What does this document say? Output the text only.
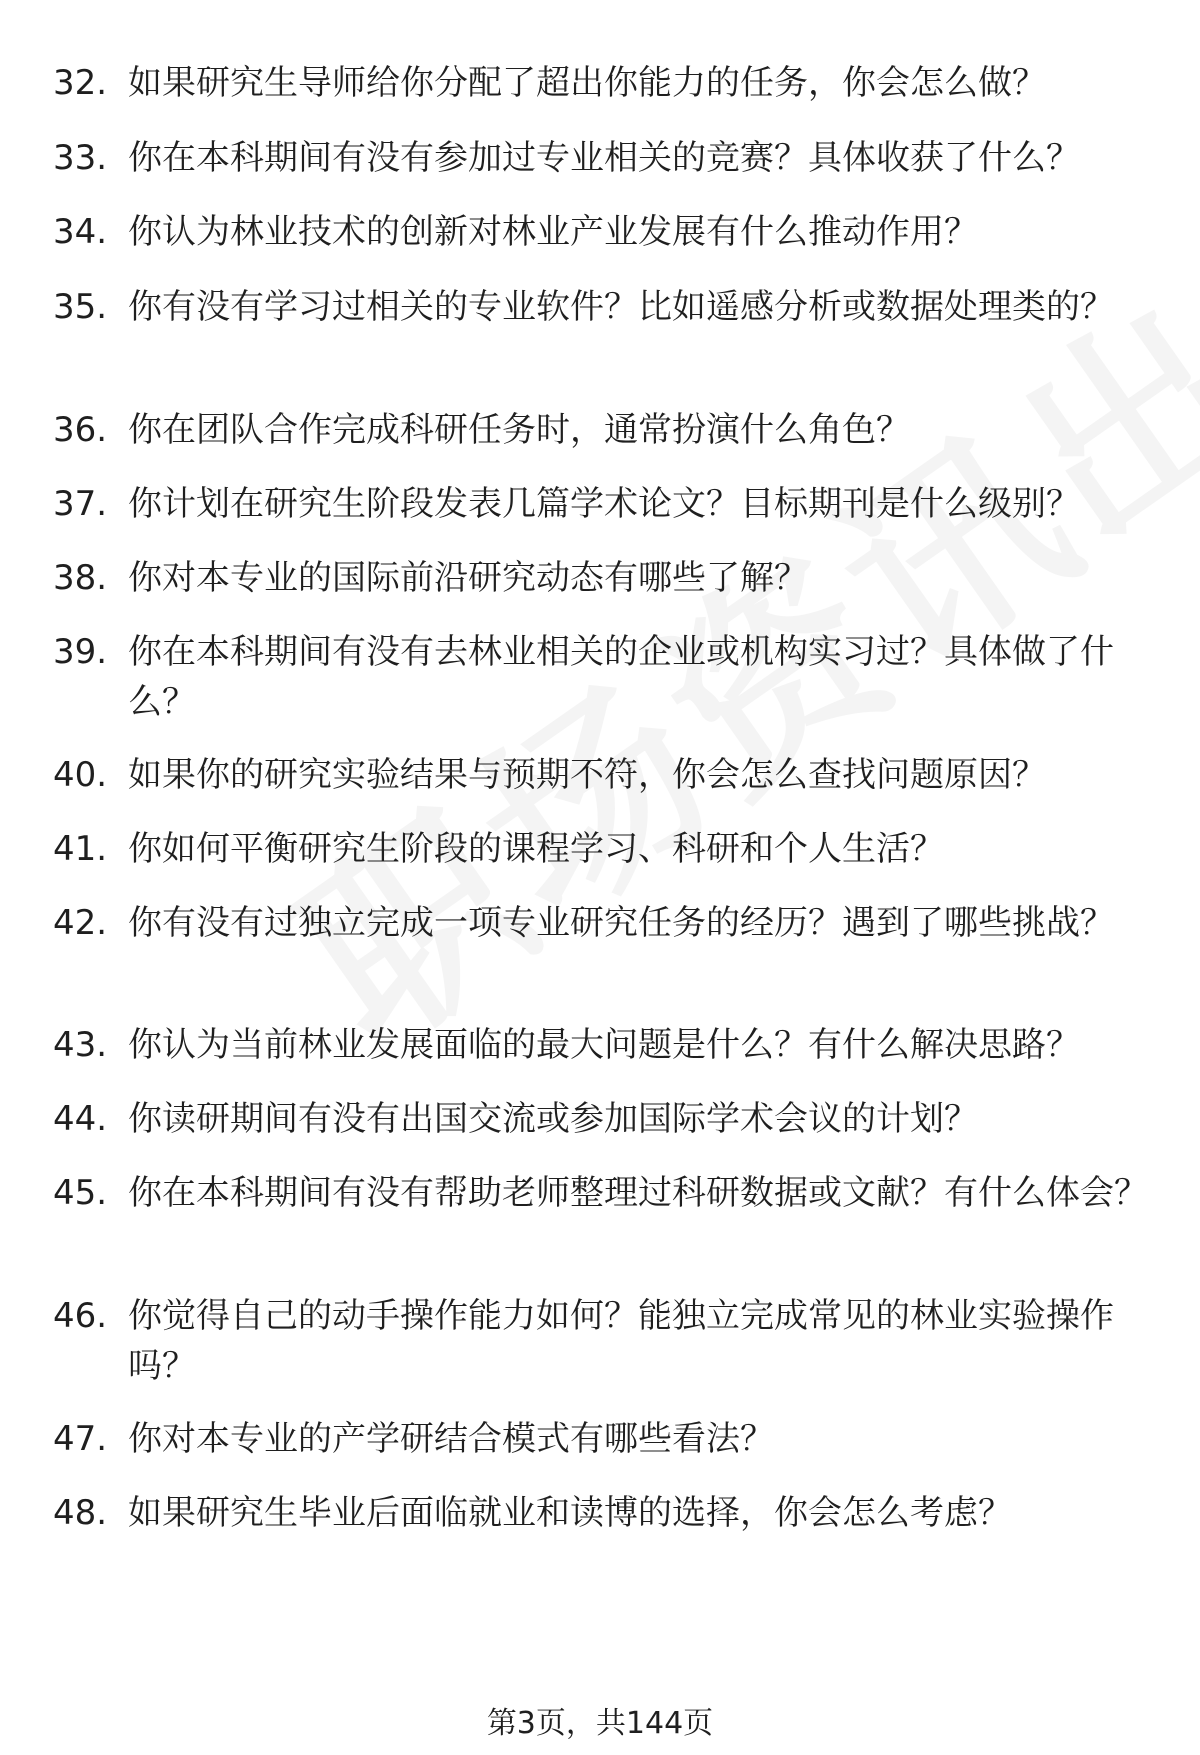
32. 如果研究生导师给你分配了超出你能力的任务，你会怎么做？
33. 你在本科期间有没有参加过专业相关的竞赛？具体收获了什么？
34. 你认为林业技术的创新对林业产业发展有什么推动作用？
35. 你有没有学习过相关的专业软件？比如遥感分析或数据处理类的？
36. 你在团队合作完成科研任务时，通常扮演什么角色？
37. 你计划在研究生阶段发表几篇学术论文？目标期刊是什么级别？
38. 你对本专业的国际前沿研究动态有哪些了解？
39. 你在本科期间有没有去林业相关的企业或机构实习过？具体做了什么？
40. 如果你的研究实验结果与预期不符，你会怎么查找问题原因？
41. 你如何平衡研究生阶段的课程学习、科研和个人生活？
42. 你有没有过独立完成一项专业研究任务的经历？遇到了哪些挑战？
43. 你认为当前林业发展面临的最大问题是什么？有什么解决思路？
44. 你读研期间有没有出国交流或参加国际学术会议的计划？
45. 你在本科期间有没有帮助老师整理过科研数据或文献？有什么体会？
46. 你觉得自己的动手操作能力如何？能独立完成常见的林业实验操作吗？
47. 你对本专业的产学研结合模式有哪些看法？
48. 如果研究生毕业后面临就业和读博的选择，你会怎么考虑？
第3页，共144页
